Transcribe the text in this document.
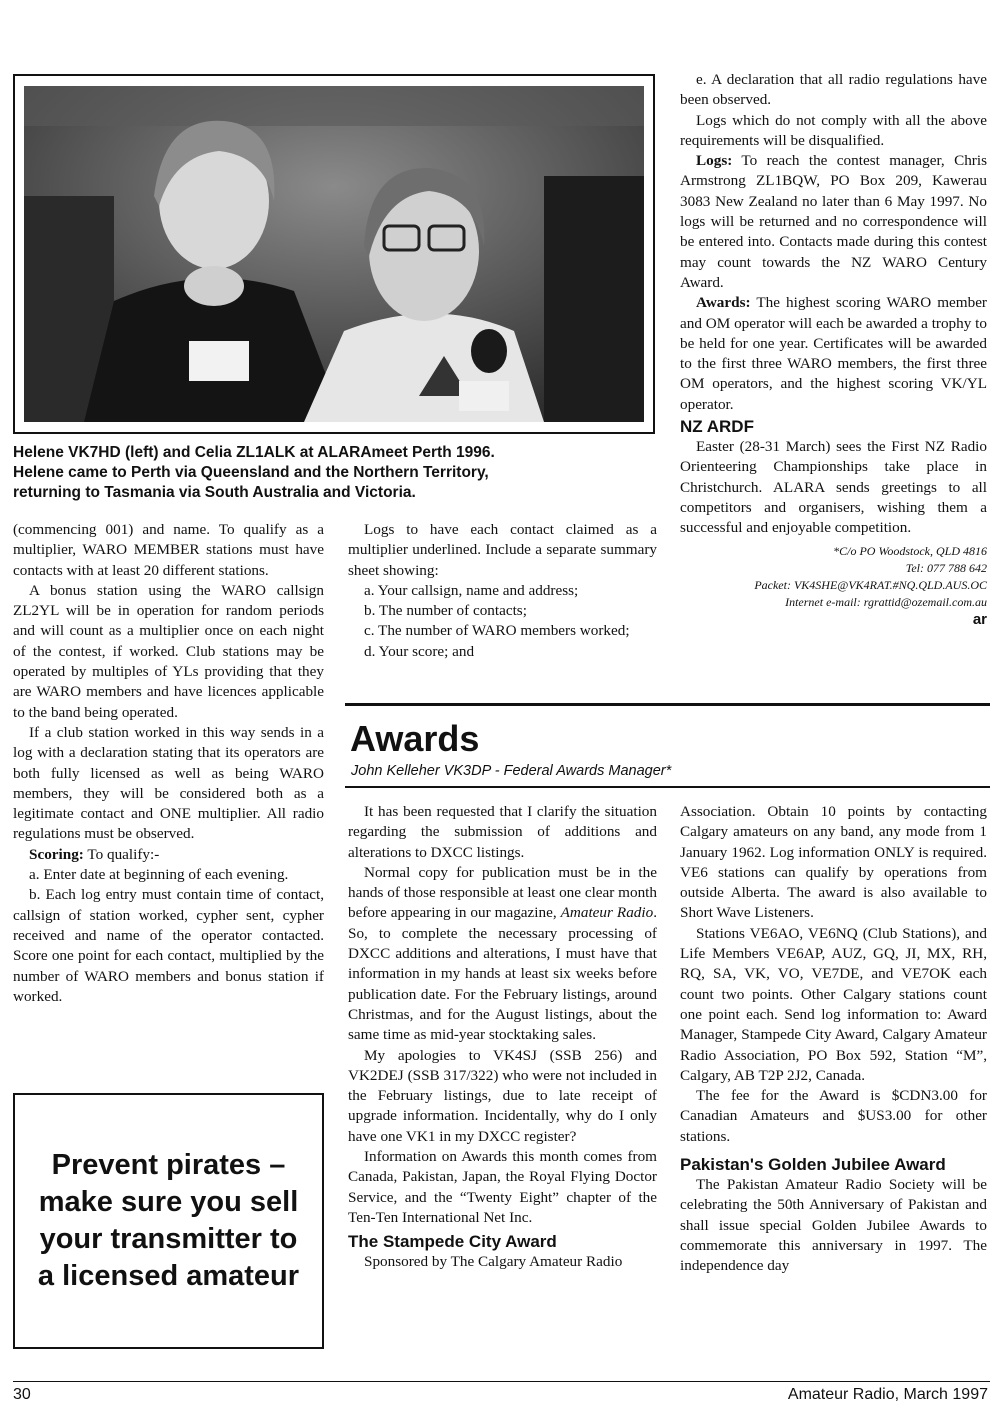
Helene VK7HD (left) and Celia ZL1ALK at ALARAmeet Perth 1996.
Helene came to Perth via Queensland and the Northern Territory,
returning to Tasmania via South Australia and Victoria.

(commencing 001) and name. To qualify as a multiplier, WARO MEMBER stations must have contacts with at least 20 different stations.

A bonus station using the WARO callsign ZL2YL will be in operation for random periods and will count as a multiplier once on each night of the contest, if worked. Club stations may be operated by multiples of YLs providing that they are WARO members and have licences applicable to the band being operated.

If a club station worked in this way sends in a log with a declaration stating that its operators are both fully licensed as well as being WARO members, they will be considered both as a legitimate contact and ONE multiplier. All radio regulations must be observed.

Scoring: To qualify:-

a. Enter date at beginning of each evening.

b. Each log entry must contain time of contact, callsign of station worked, cypher sent, cypher received and name of the operator contacted. Score one point for each contact, multiplied by the number of WARO members and bonus station if worked.

Logs to have each contact claimed as a multiplier underlined. Include a separate summary sheet showing:

a. Your callsign, name and address;

b. The number of contacts;

c. The number of WARO members worked;

d. Your score; and

e. A declaration that all radio regulations have been observed.

Logs which do not comply with all the above requirements will be disqualified.

Logs: To reach the contest manager, Chris Armstrong ZL1BQW, PO Box 209, Kawerau 3083 New Zealand no later than 6 May 1997. No logs will be returned and no correspondence will be entered into. Contacts made during this contest may count towards the NZ WARO Century Award.

Awards: The highest scoring WARO member and OM operator will each be awarded a trophy to be held for one year. Certificates will be awarded to the first three WARO members, the first three OM operators, and the highest scoring VK/YL operator.

NZ ARDF

Easter (28-31 March) sees the First NZ Radio Orienteering Championships take place in Christchurch. ALARA sends greetings to all competitors and organisers, wishing them a successful and enjoyable competition.

*C/o PO Woodstock, QLD 4816
Tel: 077 788 642
Packet: VK4SHE@VK4RAT.#NQ.QLD.AUS.OC
Internet e-mail: rgrattid@ozemail.com.au
ar
Awards
John Kelleher VK3DP - Federal Awards Manager*

It has been requested that I clarify the situation regarding the submission of additions and alterations to DXCC listings.

Normal copy for publication must be in the hands of those responsible at least one clear month before appearing in our magazine, Amateur Radio. So, to complete the necessary processing of DXCC additions and alterations, I must have that information in my hands at least six weeks before publication date. For the February listings, around Christmas, and for the August listings, about the same time as mid-year stocktaking sales.

My apologies to VK4SJ (SSB 256) and VK2DEJ (SSB 317/322) who were not included in the February listings, due to late receipt of upgrade information. Incidentally, why do I only have one VK1 in my DXCC register?

Information on Awards this month comes from Canada, Pakistan, Japan, the Royal Flying Doctor Service, and the “Twenty Eight” chapter of the Ten-Ten International Net Inc.

The Stampede City Award

Sponsored by The Calgary Amateur Radio

Association. Obtain 10 points by contacting Calgary amateurs on any band, any mode from 1 January 1962. Log information ONLY is required. VE6 stations can qualify by operations from outside Alberta. The award is also available to Short Wave Listeners.

Stations VE6AO, VE6NQ (Club Stations), and Life Members VE6AP, AUZ, GQ, JI, MX, RH, RQ, SA, VK, VO, VE7DE, and VE7OK each count two points. Other Calgary stations count one point each. Send log information to: Award Manager, Stampede City Award, Calgary Amateur Radio Association, PO Box 592, Station “M”, Calgary, AB T2P 2J2, Canada.

The fee for the Award is $CDN3.00 for Canadian Amateurs and $US3.00 for other stations.

Pakistan's Golden Jubilee Award

The Pakistan Amateur Radio Society will be celebrating the 50th Anniversary of Pakistan and shall issue special Golden Jubilee Awards to commemorate this anniversary in 1997. The independence day

Prevent pirates – make sure you sell your transmitter to a licensed amateur
30	Amateur Radio, March 1997
